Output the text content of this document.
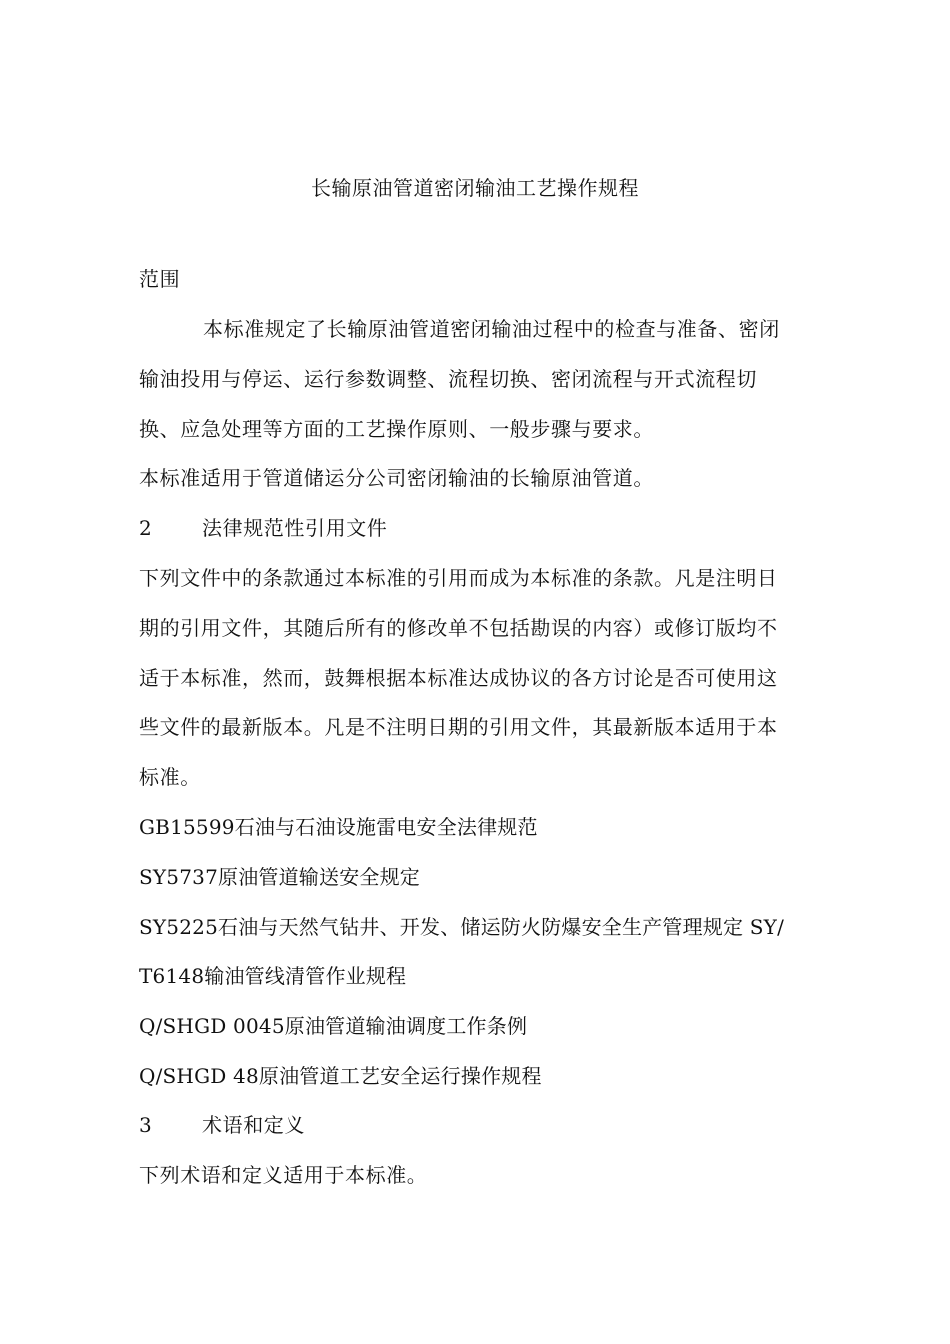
长输原油管道密闭输油工艺操作规程
范围
本标准规定了长输原油管道密闭输油过程中的检查与准备、密闭
输油投用与停运、运行参数调整、流程切换、密闭流程与开式流程切
换、应急处理等方面的工艺操作原则、一般步骤与要求。
本标准适用于管道储运分公司密闭输油的长输原油管道。
2 法律规范性引用文件
下列文件中的条款通过本标准的引用而成为本标准的条款。凡是注明日
期的引用文件，其随后所有的修改单不包括勘误的内容）或修订版均不
适于本标准，然而，鼓舞根据本标准达成协议的各方讨论是否可使用这
些文件的最新版本。凡是不注明日期的引用文件，其最新版本适用于本
标准。
GB15599石油与石油设施雷电安全法律规范
SY5737原油管道输送安全规定
SY5225石油与天然气钻井、开发、储运防火防爆安全生产管理规定 SY/
T6148输油管线清管作业规程
Q/SHGD 0045原油管道输油调度工作条例
Q/SHGD 48原油管道工艺安全运行操作规程
3 术语和定义
下列术语和定义适用于本标准。
